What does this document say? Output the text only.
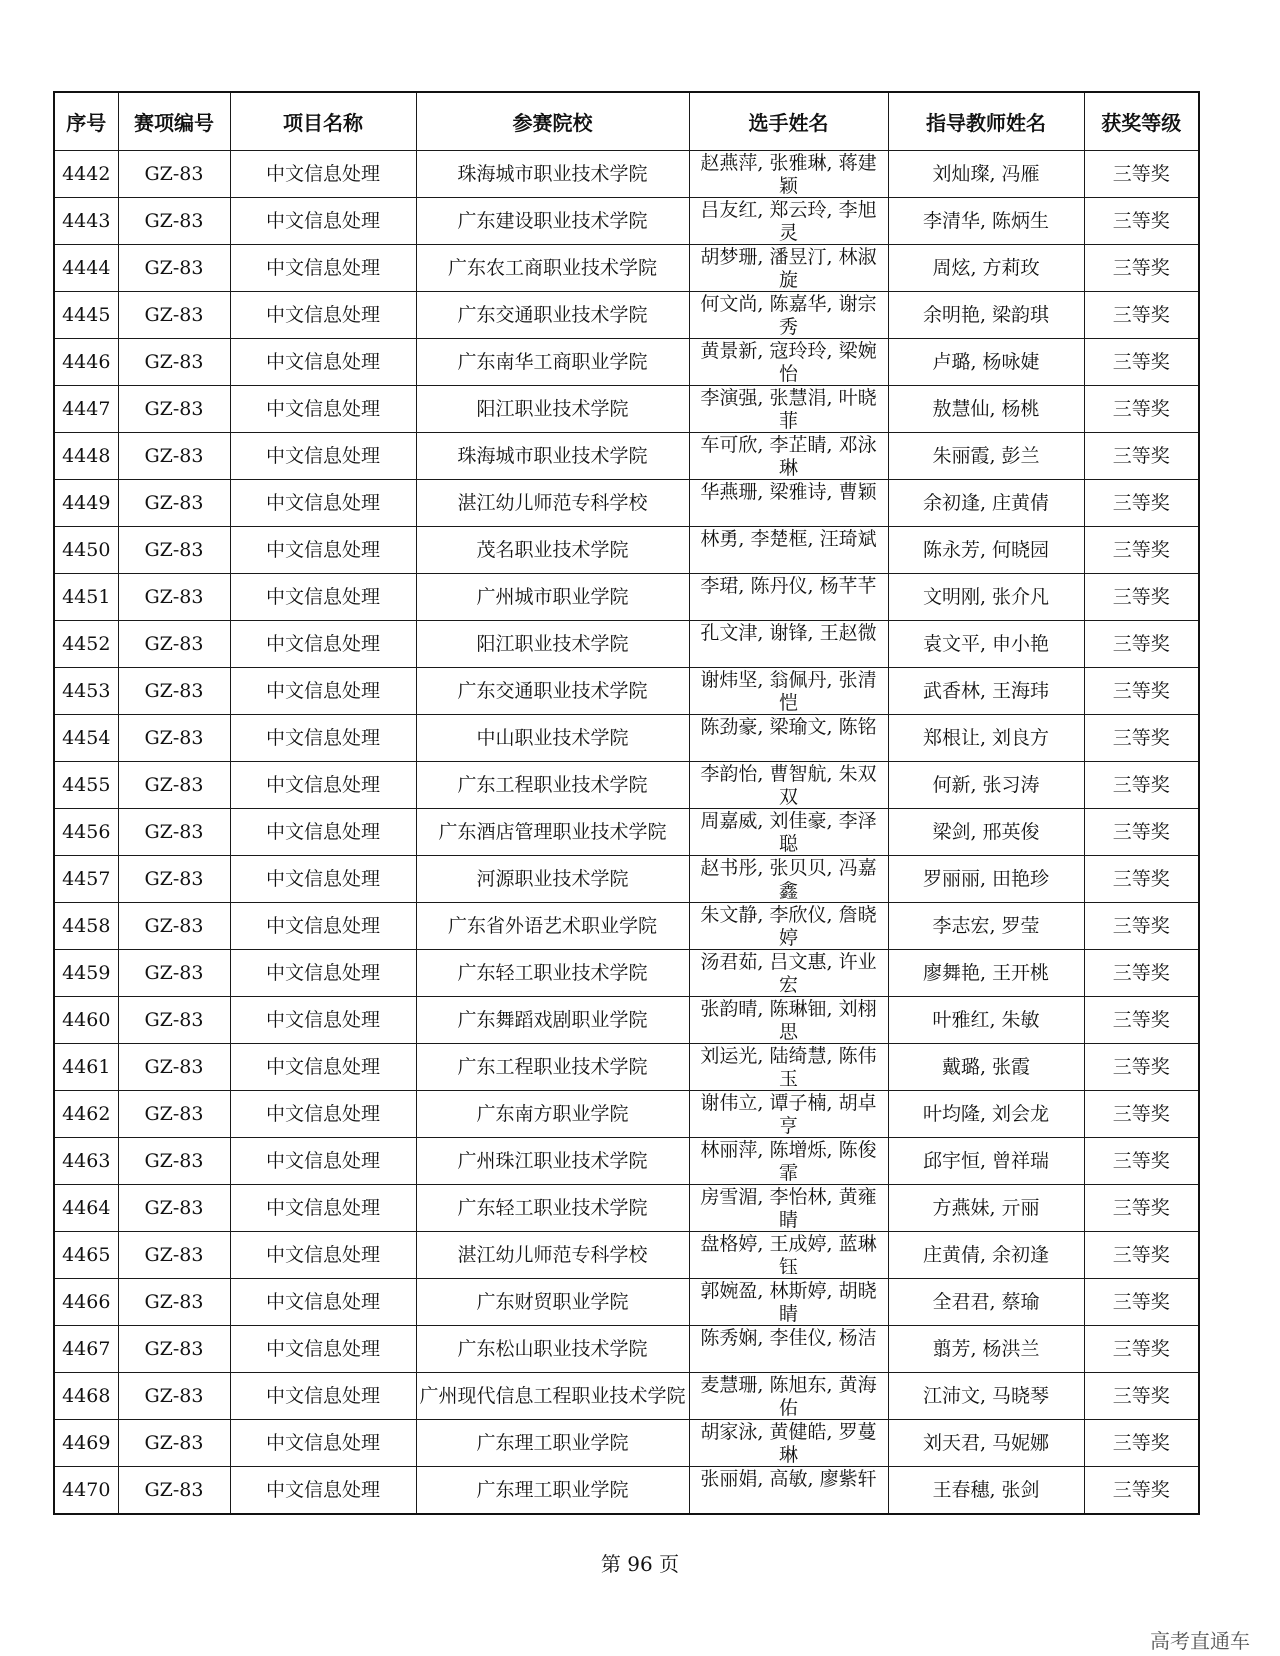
序号	赛项编号	项目名称	参赛院校	选手姓名	指导教师姓名	获奖等级
4442	GZ-83	中文信息处理	珠海城市职业技术学院	赵燕萍, 张雅琳, 蒋建颖	刘灿璨, 冯雁	三等奖
4443	GZ-83	中文信息处理	广东建设职业技术学院	吕友红, 郑云玲, 李旭灵	李清华, 陈炳生	三等奖
4444	GZ-83	中文信息处理	广东农工商职业技术学院	胡梦珊, 潘昱汀, 林淑旋	周炫, 方莉玫	三等奖
4445	GZ-83	中文信息处理	广东交通职业技术学院	何文尚, 陈嘉华, 谢宗秀	余明艳, 梁韵琪	三等奖
4446	GZ-83	中文信息处理	广东南华工商职业学院	黄景新, 寇玲玲, 梁婉怡	卢璐, 杨咏婕	三等奖
4447	GZ-83	中文信息处理	阳江职业技术学院	李演强, 张慧涓, 叶晓菲	敖慧仙, 杨桃	三等奖
4448	GZ-83	中文信息处理	珠海城市职业技术学院	车可欣, 李芷睛, 邓泳琳	朱丽霞, 彭兰	三等奖
4449	GZ-83	中文信息处理	湛江幼儿师范专科学校	华燕珊, 梁雅诗, 曹颖	余初逢, 庄黄倩	三等奖
4450	GZ-83	中文信息处理	茂名职业技术学院	林勇, 李楚框, 汪琦斌	陈永芳, 何晓园	三等奖
4451	GZ-83	中文信息处理	广州城市职业学院	李珺, 陈丹仪, 杨芊芊	文明刚, 张介凡	三等奖
4452	GZ-83	中文信息处理	阳江职业技术学院	孔文津, 谢锋, 王赵微	袁文平, 申小艳	三等奖
4453	GZ-83	中文信息处理	广东交通职业技术学院	谢炜坚, 翁佩丹, 张清恺	武香林, 王海玮	三等奖
4454	GZ-83	中文信息处理	中山职业技术学院	陈劲豪, 梁瑜文, 陈铭	郑根让, 刘良方	三等奖
4455	GZ-83	中文信息处理	广东工程职业技术学院	李韵怡, 曹智航, 朱双双	何新, 张习涛	三等奖
4456	GZ-83	中文信息处理	广东酒店管理职业技术学院	周嘉威, 刘佳豪, 李泽聪	梁剑, 邢英俊	三等奖
4457	GZ-83	中文信息处理	河源职业技术学院	赵书彤, 张贝贝, 冯嘉鑫	罗丽丽, 田艳珍	三等奖
4458	GZ-83	中文信息处理	广东省外语艺术职业学院	朱文静, 李欣仪, 詹晓婷	李志宏, 罗莹	三等奖
4459	GZ-83	中文信息处理	广东轻工职业技术学院	汤君茹, 吕文惠, 许业宏	廖舞艳, 王开桃	三等奖
4460	GZ-83	中文信息处理	广东舞蹈戏剧职业学院	张韵晴, 陈琳钿, 刘栩思	叶雅红, 朱敏	三等奖
4461	GZ-83	中文信息处理	广东工程职业技术学院	刘运光, 陆绮慧, 陈伟玉	戴璐, 张霞	三等奖
4462	GZ-83	中文信息处理	广东南方职业学院	谢伟立, 谭子楠, 胡卓亨	叶均隆, 刘会龙	三等奖
4463	GZ-83	中文信息处理	广州珠江职业技术学院	林丽萍, 陈增烁, 陈俊霏	邱宇恒, 曾祥瑞	三等奖
4464	GZ-83	中文信息处理	广东轻工职业技术学院	房雪湄, 李怡林, 黄雍睛	方燕妹, 亓丽	三等奖
4465	GZ-83	中文信息处理	湛江幼儿师范专科学校	盘格婷, 王成婷, 蓝琳钰	庄黄倩, 余初逢	三等奖
4466	GZ-83	中文信息处理	广东财贸职业学院	郭婉盈, 林斯婷, 胡晓睛	全君君, 蔡瑜	三等奖
4467	GZ-83	中文信息处理	广东松山职业技术学院	陈秀娴, 李佳仪, 杨洁	翦芳, 杨洪兰	三等奖
4468	GZ-83	中文信息处理	广州现代信息工程职业技术学院	麦慧珊, 陈旭东, 黄海佑	江沛文, 马晓琴	三等奖
4469	GZ-83	中文信息处理	广东理工职业学院	胡家泳, 黄健皓, 罗蔓琳	刘天君, 马妮娜	三等奖
4470	GZ-83	中文信息处理	广东理工职业学院	张丽娟, 高敏, 廖紫轩	王春穗, 张剑	三等奖
第 96 页
高考直通车
